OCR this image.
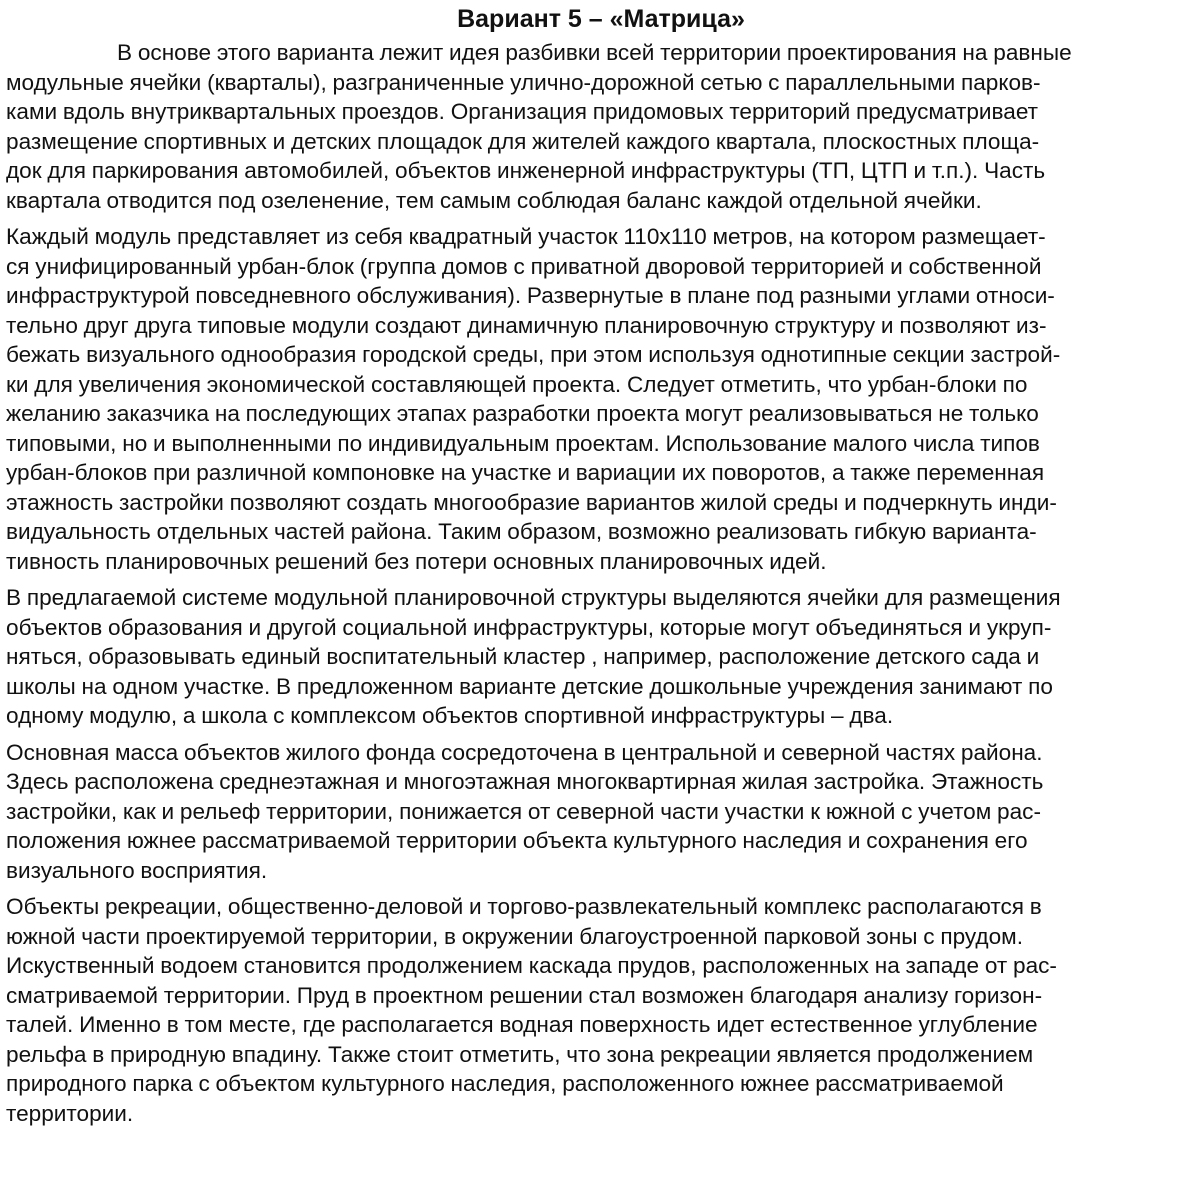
Вариант 5 – «Матрица»

В основе этого варианта лежит идея разбивки всей территории проектирования на равные
модульные ячейки (кварталы), разграниченные улично-дорожной сетью с параллельными парков-
ками вдоль внутриквартальных проездов. Организация придомовых территорий предусматривает
размещение спортивных и детских площадок для жителей каждого квартала, плоскостных площа-
док для паркирования автомобилей, объектов инженерной инфраструктуры (ТП, ЦТП и т.п.). Часть
квартала отводится под озеленение, тем самым соблюдая баланс каждой отдельной ячейки.

Каждый модуль представляет из себя квадратный участок 110х110 метров, на котором размещает-
ся унифицированный урбан-блок (группа домов с приватной дворовой территорией и собственной
инфраструктурой повседневного обслуживания). Развернутые в плане под разными углами относи-
тельно друг друга типовые модули создают динамичную планировочную структуру и позволяют из-
бежать визуального однообразия городской среды, при этом используя однотипные секции застрой-
ки для увеличения экономической составляющей проекта. Следует отметить, что урбан-блоки по
желанию заказчика на последующих этапах разработки проекта могут реализовываться не только
типовыми, но и выполненными по индивидуальным проектам. Использование малого числа типов
урбан-блоков при различной компоновке на участке и вариации их поворотов, а также переменная
этажность застройки позволяют создать многообразие вариантов жилой среды и подчеркнуть инди-
видуальность отдельных частей района. Таким образом, возможно реализовать гибкую варианта-
тивность планировочных решений без потери основных планировочных идей.

В предлагаемой системе модульной планировочной структуры выделяются ячейки для размещения
объектов образования и другой социальной инфраструктуры, которые могут объединяться и укруп-
няться, образовывать единый воспитательный кластер , например, расположение детского сада и
школы на одном участке. В предложенном варианте детские дошкольные учреждения занимают по
одному модулю, а школа с комплексом объектов спортивной инфраструктуры – два.

Основная масса объектов жилого фонда сосредоточена в центральной и северной частях района.
Здесь расположена среднеэтажная и многоэтажная многоквартирная жилая застройка. Этажность
застройки, как и рельеф территории, понижается от северной части участки к южной с учетом рас-
положения южнее рассматриваемой территории объекта культурного наследия и сохранения его
визуального восприятия.

Объекты рекреации, общественно-деловой и торгово-развлекательный комплекс располагаются в
южной части проектируемой территории, в окружении благоустроенной парковой зоны с прудом.
Искуственный водоем становится продолжением каскада прудов, расположенных на западе от рас-
сматриваемой территории. Пруд в проектном решении стал возможен благодаря анализу горизон-
талей. Именно в том месте, где располагается водная поверхность идет естественное углубление
рельфа в природную впадину. Также стоит отметить, что зона рекреации является продолжением
природного парка с объектом культурного наследия, расположенного южнее рассматриваемой
территории.
